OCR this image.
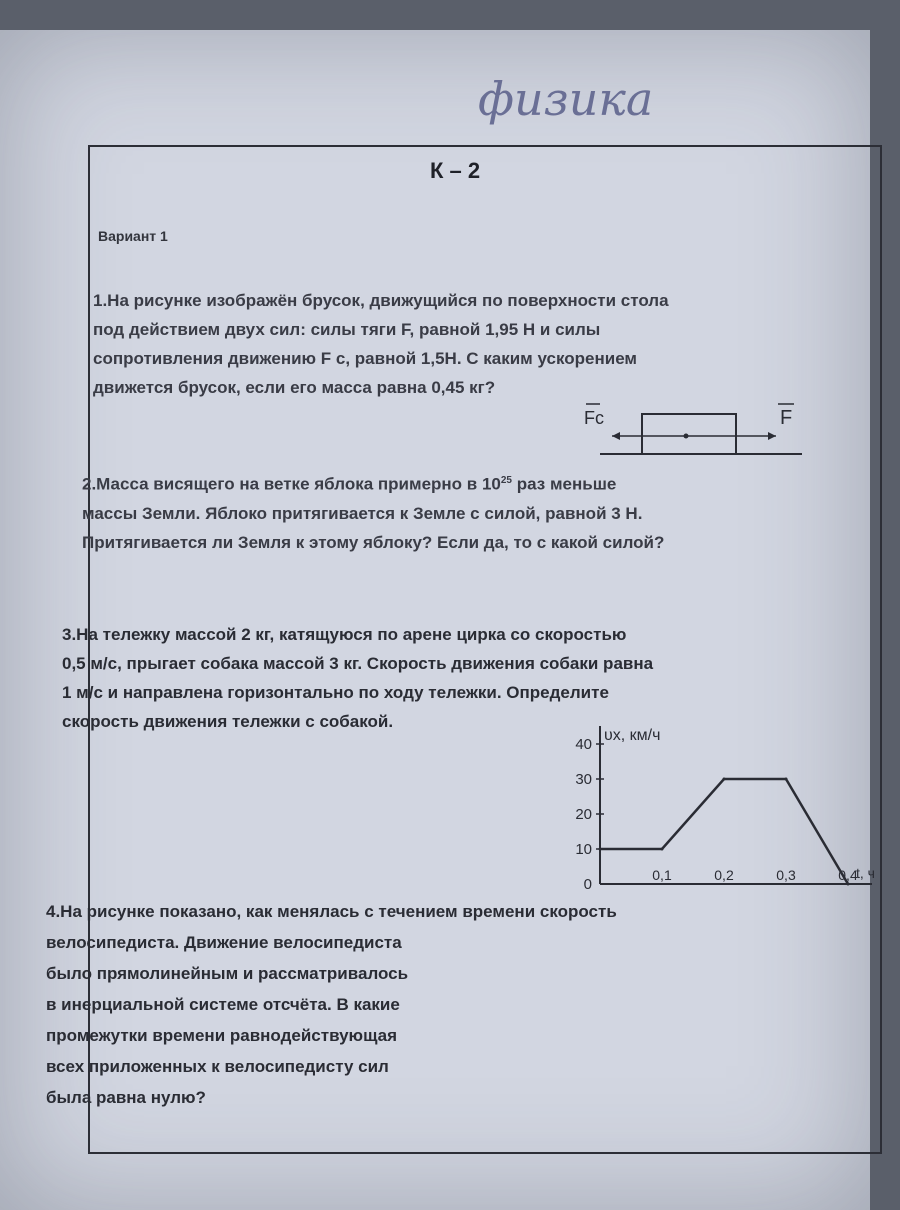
физика
К – 2
Вариант 1
1.На рисунке изображён брусок, движущийся по поверхности стола
под действием двух сил: силы тяги F, равной 1,95 Н и силы
сопротивления движению F c, равной 1,5Н. С каким ускорением
движется брусок, если его масса равна 0,45 кг?
Fc	F
2.Масса висящего на ветке яблока примерно в $10^{25}$ раз меньше
массы Земли. Яблоко притягивается к Земле с силой, равной 3 Н.
Притягивается ли Земля к этому яблоку? Если да, то с какой силой?
3.На тележку массой 2 кг, катящуюся по арене цирка со скоростью
0,5 м/с, прыгает собака массой 3 кг. Скорость движения собаки равна
1 м/с и направлена горизонтально по ходу тележки. Определите
скорость движения тележки с собакой.
υx, км/ч
t, ч
0
10
20
30
40
0,1	0,2	0,3	0,4
4.На рисунке показано, как менялась с течением времени скорость
велосипедиста. Движение велосипедиста
было прямолинейным и рассматривалось
в инерциальной системе отсчёта. В какие
промежутки времени равнодействующая
всех приложенных к велосипедисту сил
была равна нулю?
